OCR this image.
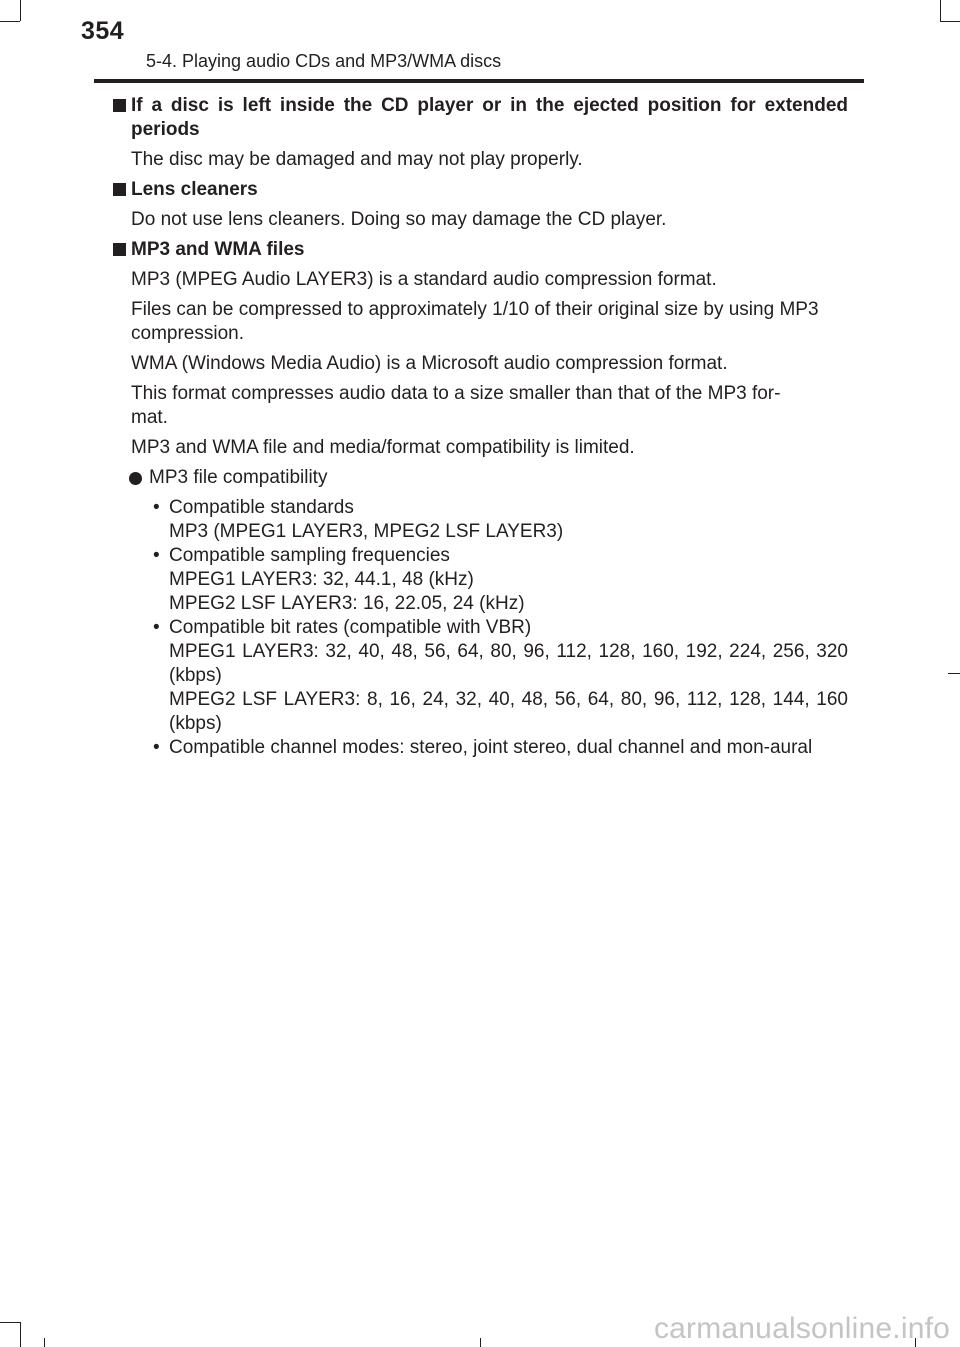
354
5-4. Playing audio CDs and MP3/WMA discs
If a disc is left inside the CD player or in the ejected position for extended periods
The disc may be damaged and may not play properly.
Lens cleaners
Do not use lens cleaners. Doing so may damage the CD player.
MP3 and WMA files
MP3 (MPEG Audio LAYER3) is a standard audio compression format.
Files can be compressed to approximately 1/10 of their original size by using MP3 compression.
WMA (Windows Media Audio) is a Microsoft audio compression format.
This format compresses audio data to a size smaller than that of the MP3 for-
mat.
MP3 and WMA file and media/format compatibility is limited.
MP3 file compatibility
• Compatible standards
MP3 (MPEG1 LAYER3, MPEG2 LSF LAYER3)
• Compatible sampling frequencies
MPEG1 LAYER3: 32, 44.1, 48 (kHz)
MPEG2 LSF LAYER3: 16, 22.05, 24 (kHz)
• Compatible bit rates (compatible with VBR)
MPEG1 LAYER3: 32, 40, 48, 56, 64, 80, 96, 112, 128, 160, 192, 224, 256, 320 (kbps)
MPEG2 LSF LAYER3: 8, 16, 24, 32, 40, 48, 56, 64, 80, 96, 112, 128, 144, 160 (kbps)
• Compatible channel modes: stereo, joint stereo, dual channel and mon-aural
carmanualsonline.info
